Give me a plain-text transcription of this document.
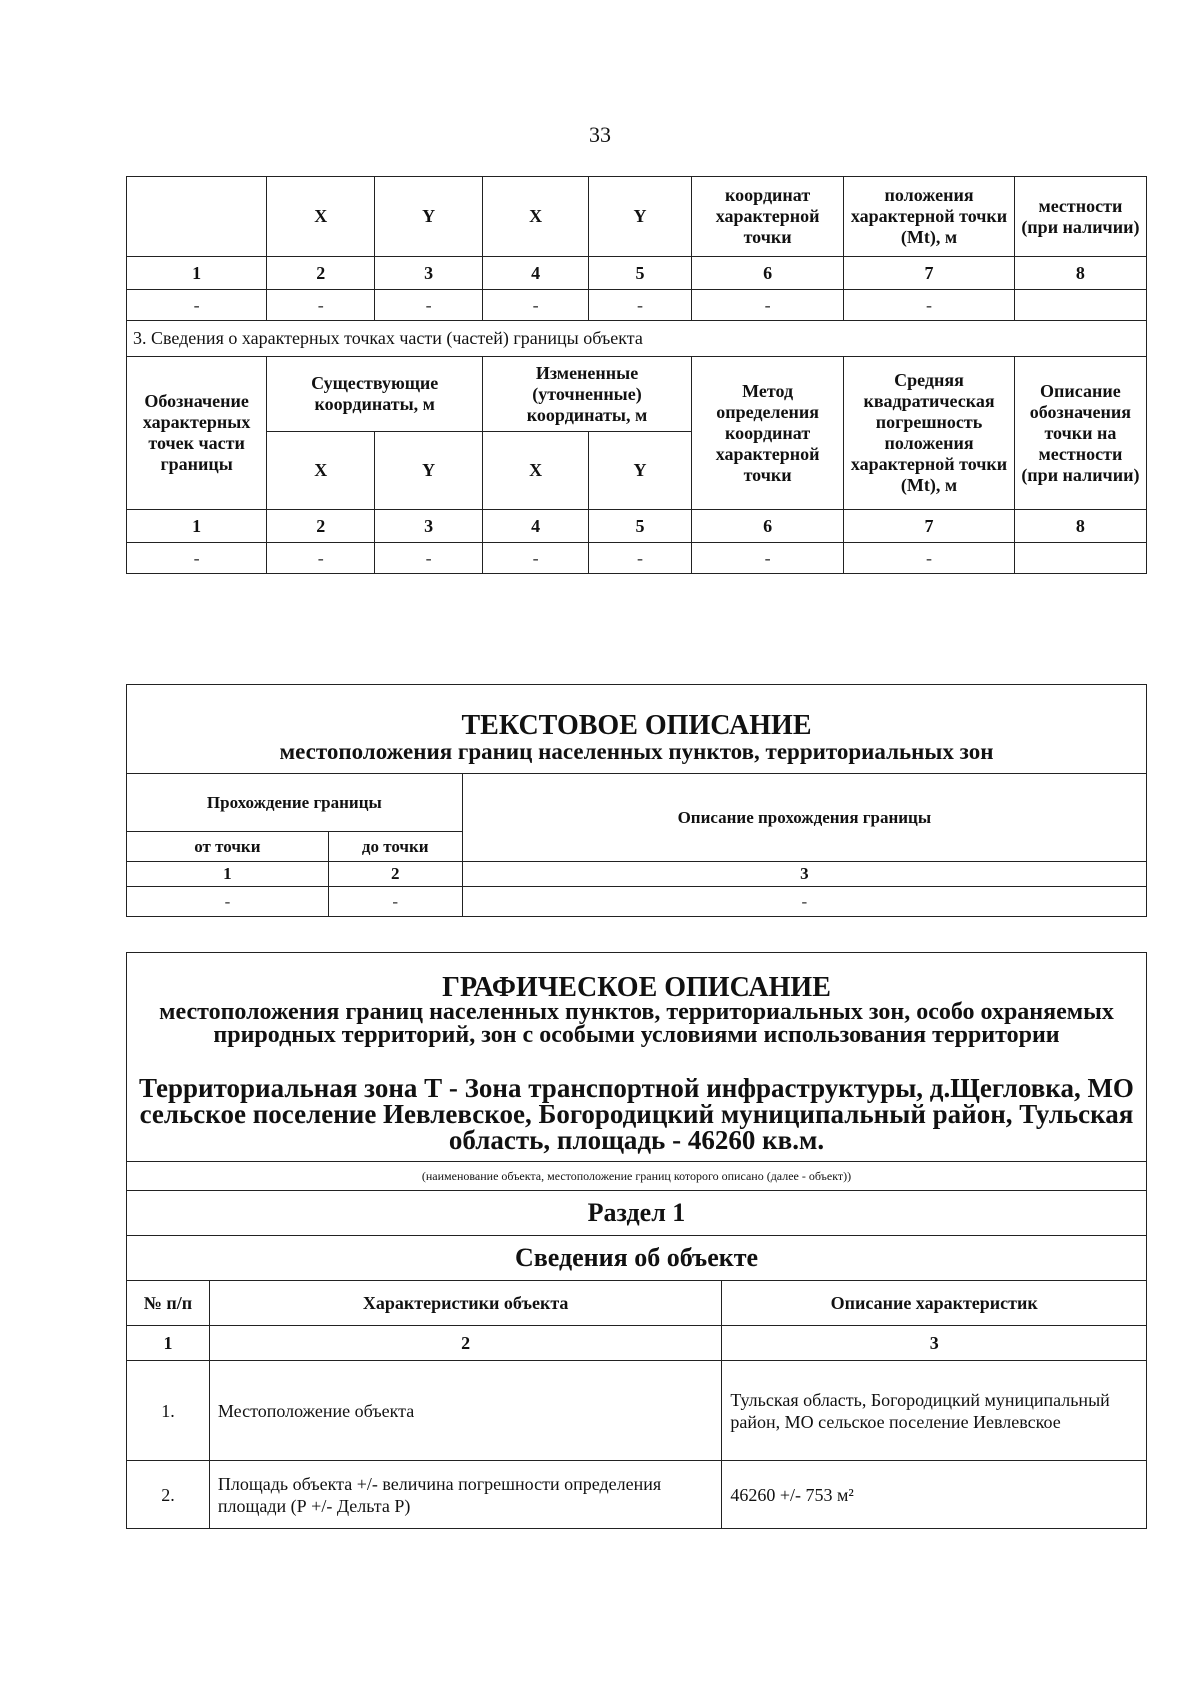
33
	X	Y	X	Y	координат характерной точки	положения характерной точки (Mt), м	местности (при наличии)
1	2	3	4	5	6	7	8
-	-	-	-	-	-	-	
3. Сведения о характерных точках части (частей) границы объекта							
Обозначение характерных точек части границы	Существующие координаты, м		Измененные (уточненные) координаты, м		Метод определения координат характерной точки	Средняя квадратическая погрешность положения характерной точки (Mt), м	Описание обозначения точки на местности (при наличии)
	X	Y	X	Y			
1	2	3	4	5	6	7	8
-	-	-	-	-	-	-	
ТЕКСТОВОЕ ОПИСАНИЕ
местоположения границ населенных пунктов, территориальных зон		

Прохождение границы		Описание прохождения границы
от точки	до точки	
1	2	3
-	-	-
ГРАФИЧЕСКОЕ ОПИСАНИЕ
местоположения границ населенных пунктов, территориальных зон, особо охраняемых природных территорий, зон с особыми условиями использования территории
Территориальная зона Т - Зона транспортной инфраструктуры, д.Щегловка, МО сельское поселение Иевлевское, Богородицкий муниципальный район, Тульская область, площадь - 46260 кв.м.		

(наименование объекта, местоположение границ которого описано (далее - объект))		
Раздел 1		
Сведения об объекте		
№ п/п	Характеристики объекта	Описание характеристик
1	2	3
1.	Местоположение объекта	Тульская область, Богородицкий муниципальный район, МО сельское поселение Иевлевское
2.	Площадь объекта +/- величина погрешности определения площади (Р +/- Дельта Р)	46260 +/- 753 м²
